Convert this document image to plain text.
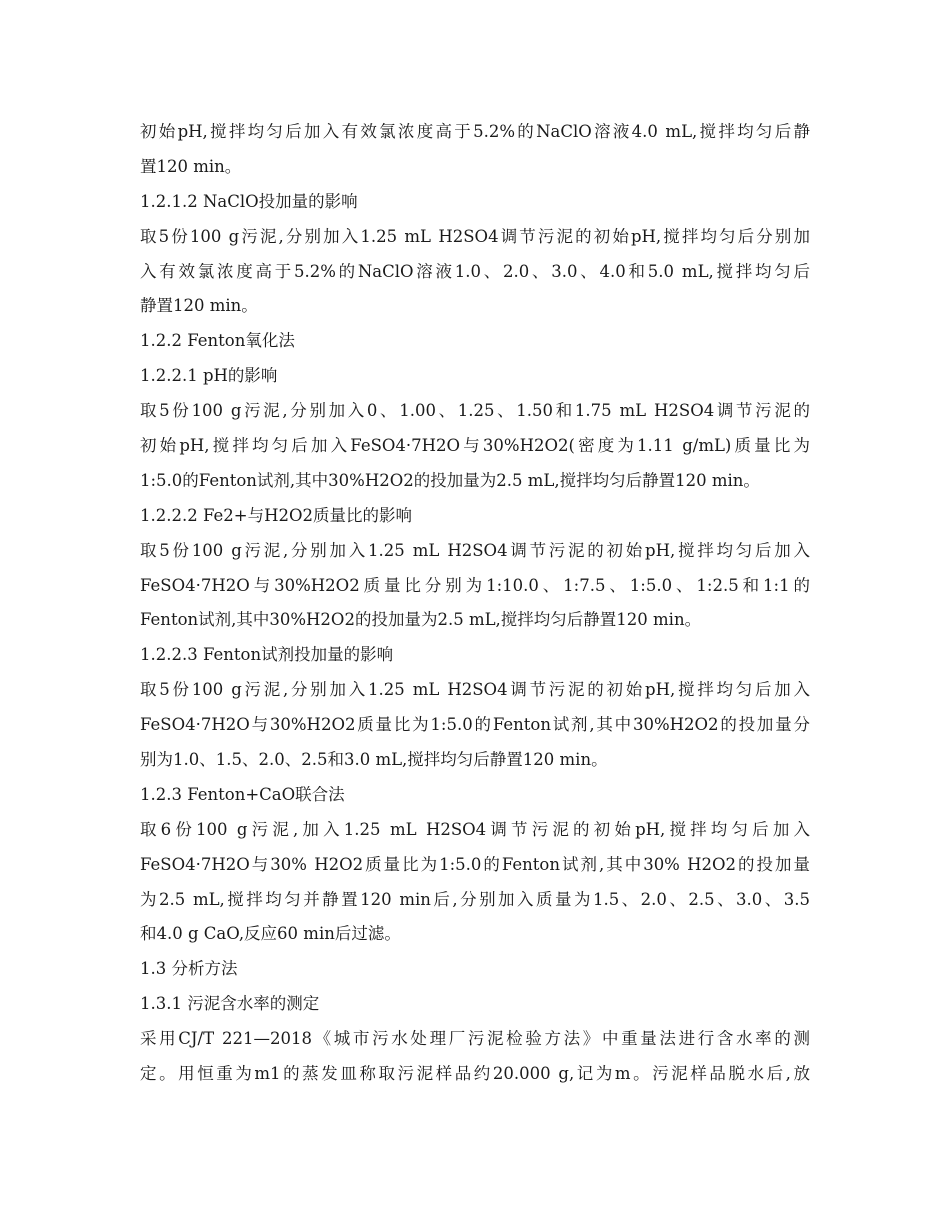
初始pH,搅拌均匀后加入有效氯浓度高于5.2%的NaClO溶液4.0 mL,搅拌均匀后静
置120 min。
1.2.1.2 NaClO投加量的影响
取5份100 g污泥,分别加入1.25 mL H2SO4调节污泥的初始pH,搅拌均匀后分别加
入有效氯浓度高于5.2%的NaClO溶液1.0、2.0、3.0、4.0和5.0 mL,搅拌均匀后
静置120 min。
1.2.2 Fenton氧化法
1.2.2.1 pH的影响
取5份100 g污泥,分别加入0、1.00、1.25、1.50和1.75 mL H2SO4调节污泥的
初始pH,搅拌均匀后加入FeSO4·7H2O与30%H2O2(密度为1.11 g/mL)质量比为
1:5.0的Fenton试剂,其中30%H2O2的投加量为2.5 mL,搅拌均匀后静置120 min。
1.2.2.2 Fe2+与H2O2质量比的影响
取5份100 g污泥,分别加入1.25 mL H2SO4调节污泥的初始pH,搅拌均匀后加入
FeSO4·7H2O与30%H2O2质量比分别为1:10.0、1:7.5、1:5.0、1:2.5和1:1的
Fenton试剂,其中30%H2O2的投加量为2.5 mL,搅拌均匀后静置120 min。
1.2.2.3 Fenton试剂投加量的影响
取5份100 g污泥,分别加入1.25 mL H2SO4调节污泥的初始pH,搅拌均匀后加入
FeSO4·7H2O与30%H2O2质量比为1:5.0的Fenton试剂,其中30%H2O2的投加量分
别为1.0、1.5、2.0、2.5和3.0 mL,搅拌均匀后静置120 min。
1.2.3 Fenton+CaO联合法
取6份100 g污泥,加入1.25 mL H2SO4调节污泥的初始pH,搅拌均匀后加入
FeSO4·7H2O与30% H2O2质量比为1:5.0的Fenton试剂,其中30% H2O2的投加量
为2.5 mL,搅拌均匀并静置120 min后,分别加入质量为1.5、2.0、2.5、3.0、3.5
和4.0 g CaO,反应60 min后过滤。
1.3 分析方法
1.3.1 污泥含水率的测定
采用CJ/T 221—2018《城市污水处理厂污泥检验方法》中重量法进行含水率的测
定。用恒重为m1的蒸发皿称取污泥样品约20.000 g,记为m。污泥样品脱水后,放
